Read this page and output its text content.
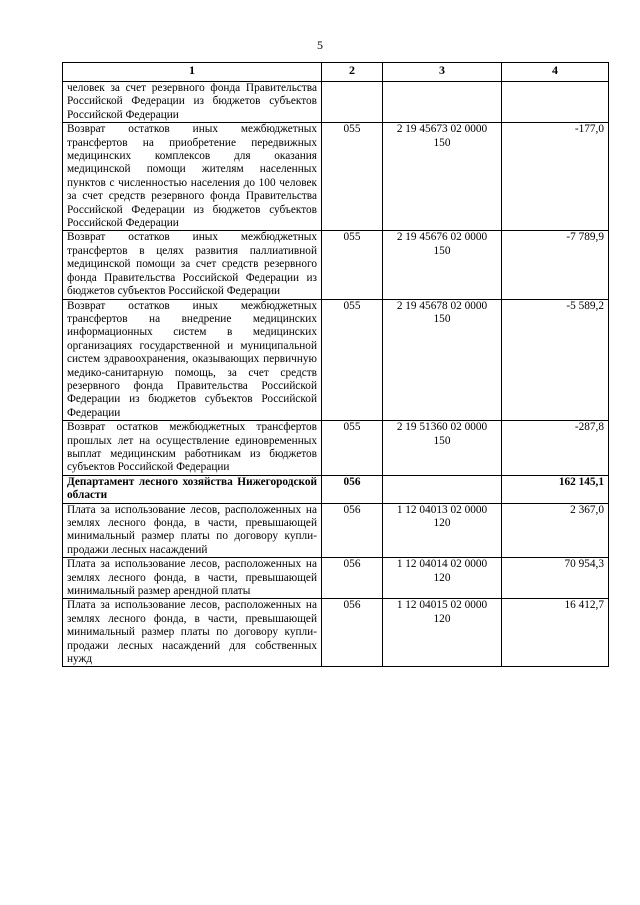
5
1	2	3	4
человек за счет резервного фонда Правительства Российской Федерации из бюджетов субъектов Российской Федерации			
Возврат остатков иных межбюджетных трансфертов на приобретение передвижных медицинских комплексов для оказания медицинской помощи жителям населенных пунктов с численностью населения до 100 человек за счет средств резервного фонда Правительства Российской Федерации из бюджетов субъектов Российской Федерации	055	2 19 45673 02 0000 150	-177,0
Возврат остатков иных межбюджетных трансфертов в целях развития паллиативной медицинской помощи за счет средств резервного фонда Правительства Российской Федерации из бюджетов субъектов Российской Федерации	055	2 19 45676 02 0000 150	-7 789,9
Возврат остатков иных межбюджетных трансфертов на внедрение медицинских информационных систем в медицинских организациях государственной и муниципальной систем здравоохранения, оказывающих первичную медико-санитарную помощь, за счет средств резервного фонда Правительства Российской Федерации из бюджетов субъектов Российской Федерации	055	2 19 45678 02 0000 150	-5 589,2
Возврат остатков межбюджетных трансфертов прошлых лет на осуществление единовременных выплат медицинским работникам из бюджетов субъектов Российской Федерации	055	2 19 51360 02 0000 150	-287,8
Департамент лесного хозяйства Нижегородской области	056		162 145,1
Плата за использование лесов, расположенных на землях лесного фонда, в части, превышающей минимальный размер платы по договору купли-продажи лесных насаждений	056	1 12 04013 02 0000 120	2 367,0
Плата за использование лесов, расположенных на землях лесного фонда, в части, превышающей минимальный размер арендной платы	056	1 12 04014 02 0000 120	70 954,3
Плата за использование лесов, расположенных на землях лесного фонда, в части, превышающей минимальный размер платы по договору купли-продажи лесных насаждений для собственных нужд	056	1 12 04015 02 0000 120	16 412,7
